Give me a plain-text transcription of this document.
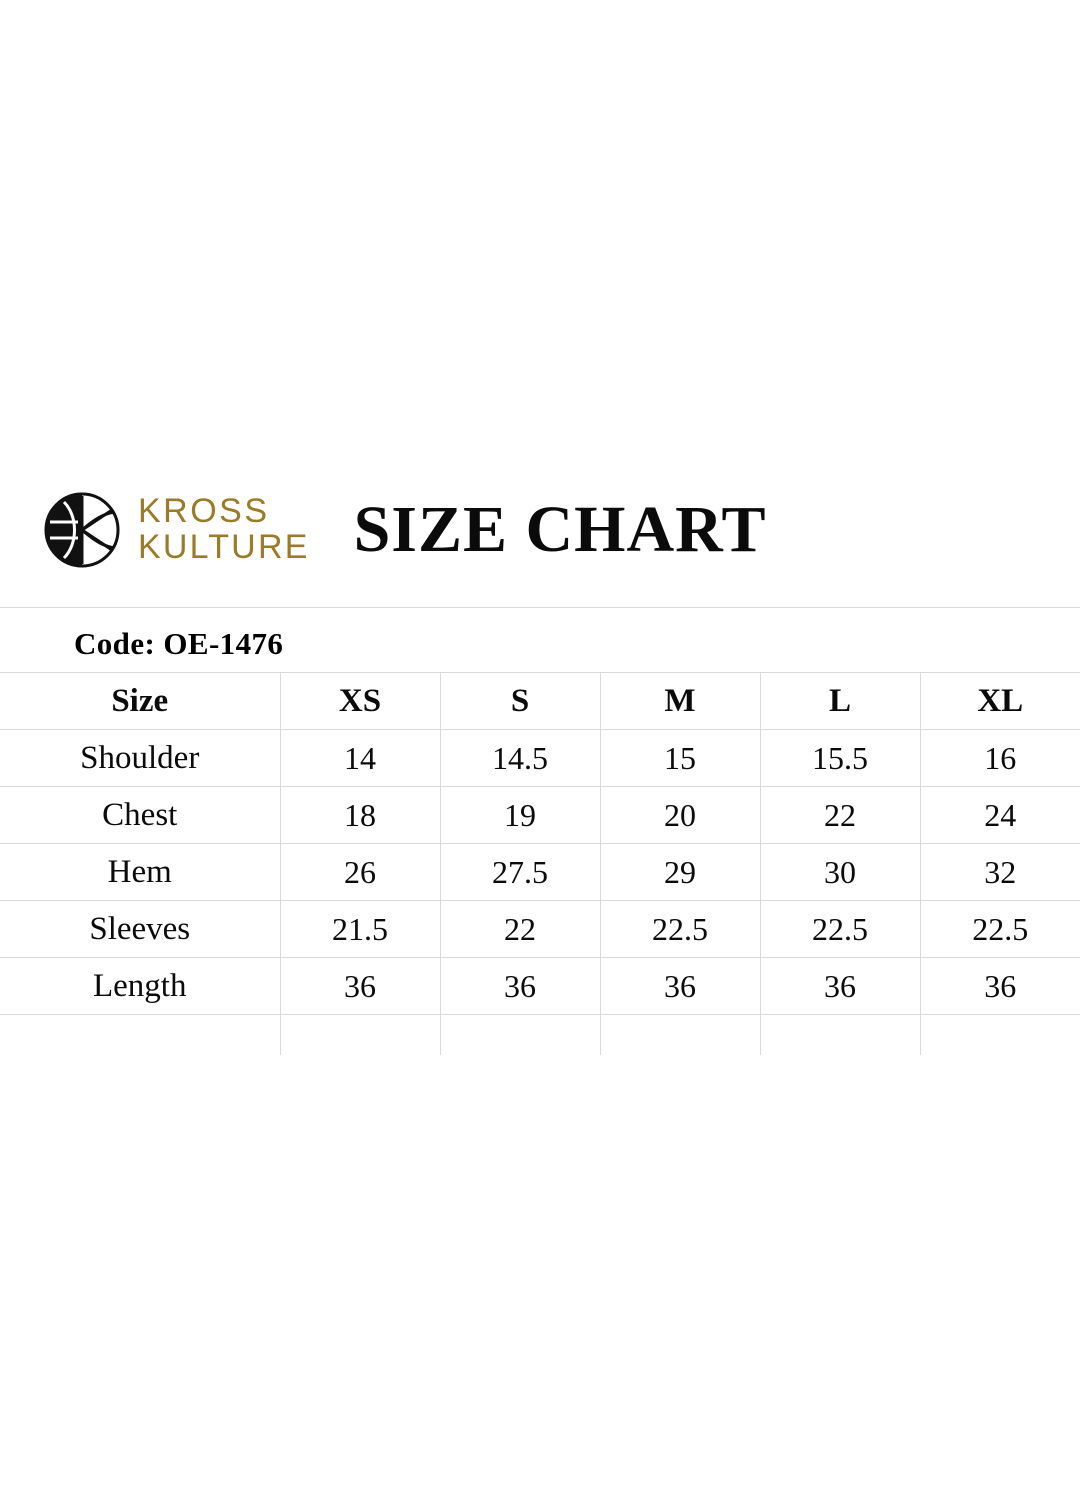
KROSS
KULTURE SIZE CHART
Code: OE-1476
Size	XS	S	M	L	XL
Shoulder	14	14.5	15	15.5	16
Chest	18	19	20	22	24
Hem	26	27.5	29	30	32
Sleeves	21.5	22	22.5	22.5	22.5
Length	36	36	36	36	36
